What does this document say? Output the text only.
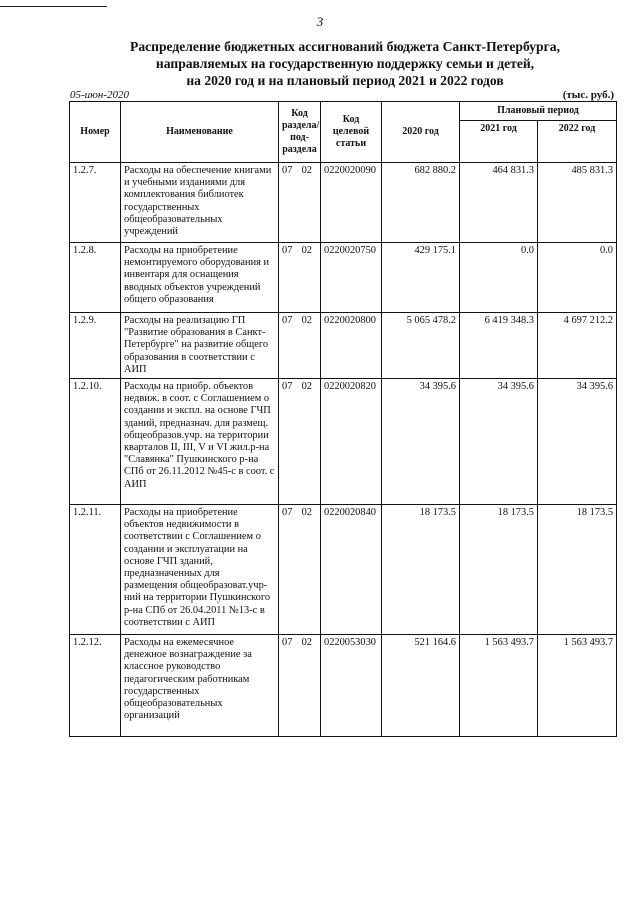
3
Распределение бюджетных ассигнований бюджета Санкт-Петербурга,
направляемых на государственную поддержку семьи и детей,
на 2020 год и на плановый период 2021 и 2022 годов
05-июн-2020	(тыс. руб.)
Номер	Наименование	Код раздела/ под-раздела	Код целевой статьи	2020 год	Плановый период	
					2021 год	2022 год
1.2.7.	Расходы на обеспечение книгами и учебными изданиями для комплектования библиотек государственных общеобразовательных учреждений	07 02	0220020090	682 880.2	464 831.3	485 831.3
1.2.8.	Расходы на приобретение немонтируемого оборудования и инвентаря для оснащения вводных объектов учреждений общего образования	07 02	0220020750	429 175.1	0.0	0.0
1.2.9.	Расходы на реализацию ГП "Развитие образования в Санкт-Петербурге" на развитие общего образования в соответствии с АИП	07 02	0220020800	5 065 478.2	6 419 348.3	4 697 212.2
1.2.10.	Расходы на приобр. объектов недвиж. в соот. с Соглашением о создании и экспл. на основе ГЧП зданий, предназнач. для размещ. общеобразов.учр. на территории кварталов II, III, V и VI жил.р-на "Славянка" Пушкинского р-на СПб от 26.11.2012 №45-с в соот. с АИП	07 02	0220020820	34 395.6	34 395.6	34 395.6
1.2.11.	Расходы на приобретение объектов недвижимости в соответствии с Соглашением о создании и эксплуатации на основе ГЧП зданий, предназначенных для размещения общеобразоват.учр-ний на территории Пушкинского р-на СПб от 26.04.2011 №13-с в соответствии с АИП	07 02	0220020840	18 173.5	18 173.5	18 173.5
1.2.12.	Расходы на ежемесячное денежное вознаграждение за классное руководство педагогическим работникам государственных общеобразовательных организаций	07 02	0220053030	521 164.6	1 563 493.7	1 563 493.7
